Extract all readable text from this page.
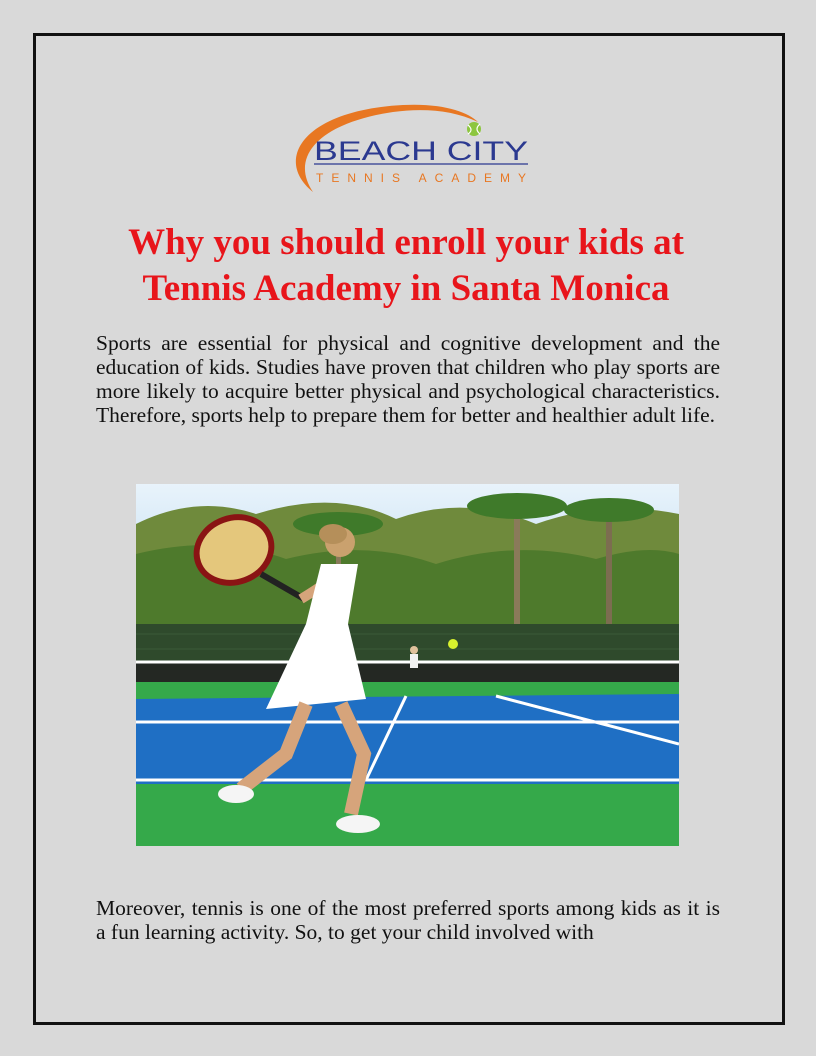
BEACH CITY
TENNIS ACADEMY
Why you should enroll your kids at
Tennis Academy in Santa Monica

Sports are essential for physical and cognitive development and the education of kids. Studies have proven that children who play sports are more likely to acquire better physical and psychological characteristics. Therefore, sports help to prepare them for better and healthier adult life.

Moreover, tennis is one of the most preferred sports among kids as it is a fun learning activity. So, to get your child involved with
